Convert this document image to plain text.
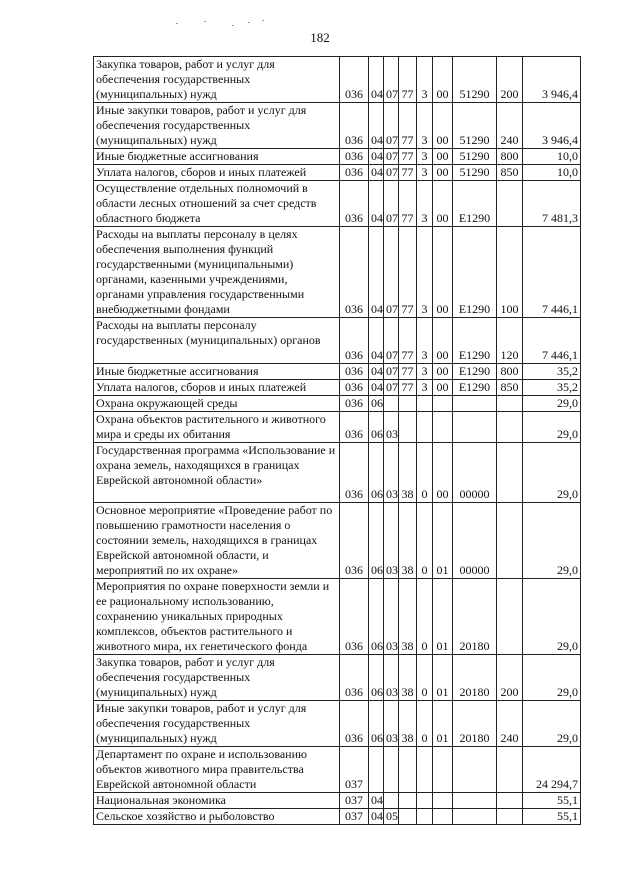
182
Закупка товаров, работ и услуг для обеспечения государственных (муниципальных) нужд	036	04	07	77	3	00	51290	200	3 946,4
Иные закупки товаров, работ и услуг для обеспечения государственных (муниципальных) нужд	036	04	07	77	3	00	51290	240	3 946,4
Иные бюджетные ассигнования	036	04	07	77	3	00	51290	800	10,0
Уплата налогов, сборов и иных платежей	036	04	07	77	3	00	51290	850	10,0
Осуществление отдельных полномочий в области лесных отношений за счет средств областного бюджета	036	04	07	77	3	00	E1290		7 481,3
Расходы на выплаты персоналу в целях обеспечения выполнения функций государственными (муниципальными) органами, казенными учреждениями, органами управления государственными внебюджетными фондами	036	04	07	77	3	00	E1290	100	7 446,1
Расходы на выплаты персоналу государственных (муниципальных) органов	036	04	07	77	3	00	E1290	120	7 446,1
Иные бюджетные ассигнования	036	04	07	77	3	00	E1290	800	35,2
Уплата налогов, сборов и иных платежей	036	04	07	77	3	00	E1290	850	35,2
Охрана окружающей среды	036	06							29,0
Охрана объектов растительного и животного мира и среды их обитания	036	06	03						29,0
Государственная программа «Использование и охрана земель, находящихся в границах Еврейской автономной области»	036	06	03	38	0	00	00000		29,0
Основное мероприятие «Проведение работ по повышению грамотности населения о состоянии земель, находящихся в границах Еврейской автономной области, и мероприятий по их охране»	036	06	03	38	0	01	00000		29,0
Мероприятия по охране поверхности земли и ее рациональному использованию, сохранению уникальных природных комплексов, объектов растительного и животного мира, их генетического фонда	036	06	03	38	0	01	20180		29,0
Закупка товаров, работ и услуг для обеспечения государственных (муниципальных) нужд	036	06	03	38	0	01	20180	200	29,0
Иные закупки товаров, работ и услуг для обеспечения государственных (муниципальных) нужд	036	06	03	38	0	01	20180	240	29,0
Департамент по охране и использованию объектов животного мира правительства Еврейской автономной области	037								24 294,7
Национальная экономика	037	04							55,1
Сельское хозяйство и рыболовство	037	04	05						55,1
